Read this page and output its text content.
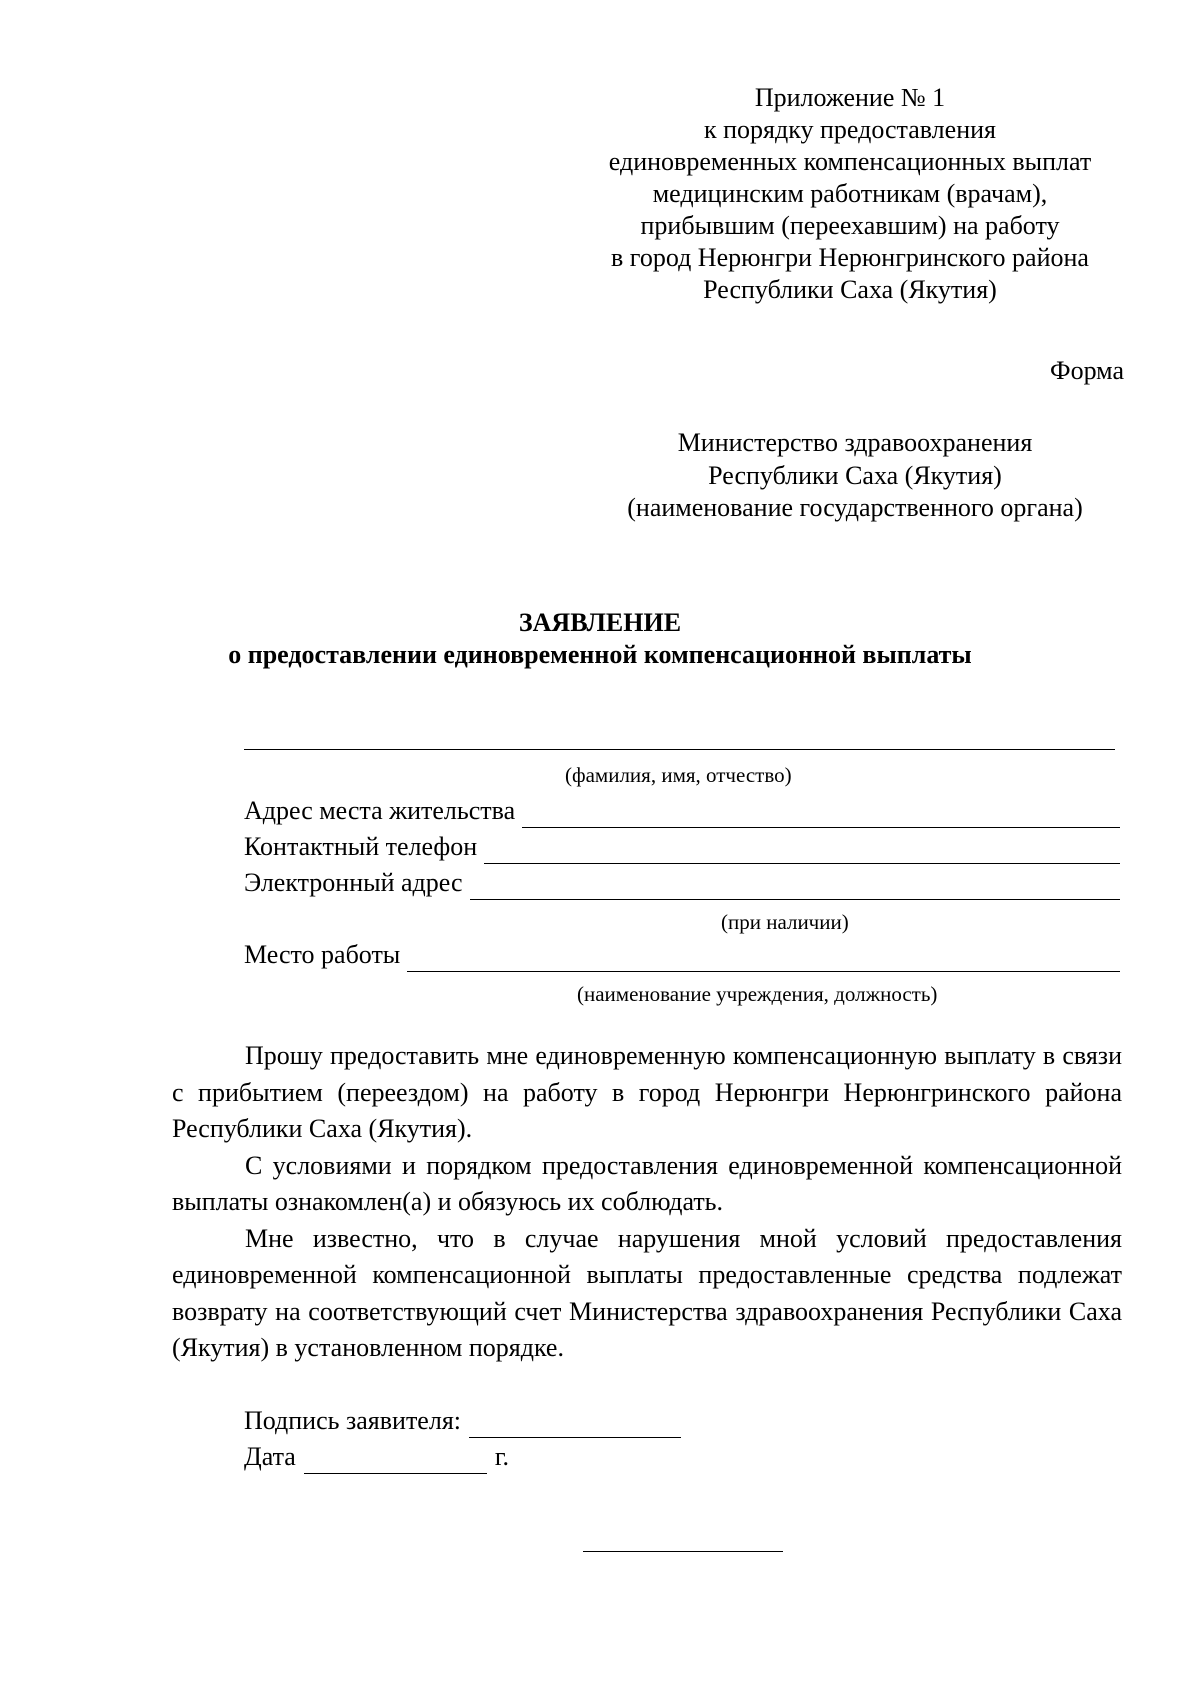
Приложение № 1
к порядку предоставления
единовременных компенсационных выплат
медицинским работникам (врачам),
прибывшим (переехавшим) на работу
в город Нерюнгри Нерюнгринского района
Республики Саха (Якутия)
Форма
Министерство здравоохранения
Республики Саха (Якутия)
(наименование государственного органа)
ЗАЯВЛЕНИЕ
о предоставлении единовременной компенсационной выплаты
(фамилия, имя, отчество)
Адрес места жительства
Контактный телефон
Электронный адрес
(при наличии)
Место работы
(наименование учреждения, должность)

Прошу предоставить мне единовременную компенсационную выплату в связи с прибытием (переездом) на работу в город Нерюнгри Нерюнгринского района Республики Саха (Якутия).

С условиями и порядком предоставления единовременной компенсационной выплаты ознакомлен(а) и обязуюсь их соблюдать.

Мне известно, что в случае нарушения мной условий предоставления единовременной компенсационной выплаты предоставленные средства подлежат возврату на соответствующий счет Министерства здравоохранения Республики Саха (Якутия) в установленном порядке.

Подпись заявителя:
Дата	г.
